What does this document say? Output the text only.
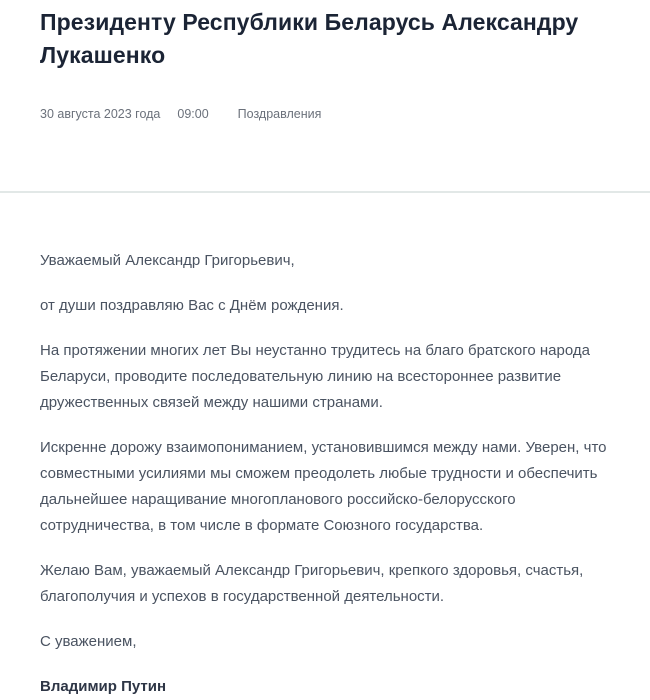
Президенту Республики Беларусь Александру Лукашенко
30 августа 2023 года 09:00 Поздравления

Уважаемый Александр Григорьевич,

от души поздравляю Вас с Днём рождения.

На протяжении многих лет Вы неустанно трудитесь на благо братского народа Беларуси, проводите последовательную линию на всестороннее развитие дружественных связей между нашими странами.

Искренне дорожу взаимопониманием, установившимся между нами. Уверен, что совместными усилиями мы сможем преодолеть любые трудности и обеспечить дальнейшее наращивание многопланового российско-белорусского сотрудничества, в том числе в формате Союзного государства.

Желаю Вам, уважаемый Александр Григорьевич, крепкого здоровья, счастья, благополучия и успехов в государственной деятельности.

С уважением,

Владимир Путин
